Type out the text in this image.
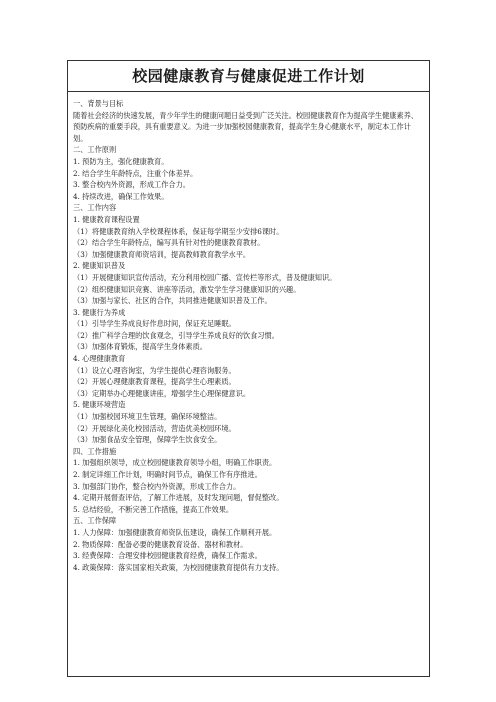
校园健康教育与健康促进工作计划
一、背景与目标
随着社会经济的快速发展，青少年学生的健康问题日益受到广泛关注。校园健康教育作为提高学生健康素养、预防疾病的重要手段，具有重要意义。为进一步加强校园健康教育，提高学生身心健康水平，制定本工作计划。
二、工作原则
1. 预防为主，强化健康教育。
2. 结合学生年龄特点，注重个体差异。
3. 整合校内外资源，形成工作合力。
4. 持续改进，确保工作效果。
三、工作内容
1. 健康教育课程设置
（1）将健康教育纳入学校课程体系，保证每学期至少安排6课时。
（2）结合学生年龄特点，编写具有针对性的健康教育教材。
（3）加强健康教育师资培训，提高教师教育教学水平。
2. 健康知识普及
（1）开展健康知识宣传活动，充分利用校园广播、宣传栏等形式，普及健康知识。
（2）组织健康知识竞赛、讲座等活动，激发学生学习健康知识的兴趣。
（3）加强与家长、社区的合作，共同推进健康知识普及工作。
3. 健康行为养成
（1）引导学生养成良好作息时间，保证充足睡眠。
（2）推广科学合理的饮食观念，引导学生养成良好的饮食习惯。
（3）加强体育锻炼，提高学生身体素质。
4. 心理健康教育
（1）设立心理咨询室，为学生提供心理咨询服务。
（2）开展心理健康教育课程，提高学生心理素质。
（3）定期举办心理健康讲座，增强学生心理保健意识。
5. 健康环境营造
（1）加强校园环境卫生管理，确保环境整洁。
（2）开展绿化美化校园活动，营造优美校园环境。
（3）加强食品安全管理，保障学生饮食安全。
四、工作措施
1. 加强组织领导，成立校园健康教育领导小组，明确工作职责。
2. 制定详细工作计划，明确时间节点，确保工作有序推进。
3. 加强部门协作，整合校内外资源，形成工作合力。
4. 定期开展督查评估，了解工作进展，及时发现问题，督促整改。
5. 总结经验，不断完善工作措施，提高工作效果。
五、工作保障
1. 人力保障：加强健康教育师资队伍建设，确保工作顺利开展。
2. 物质保障：配备必要的健康教育设备、器材和教材。
3. 经费保障：合理安排校园健康教育经费，确保工作需求。
4. 政策保障：落实国家相关政策，为校园健康教育提供有力支持。
